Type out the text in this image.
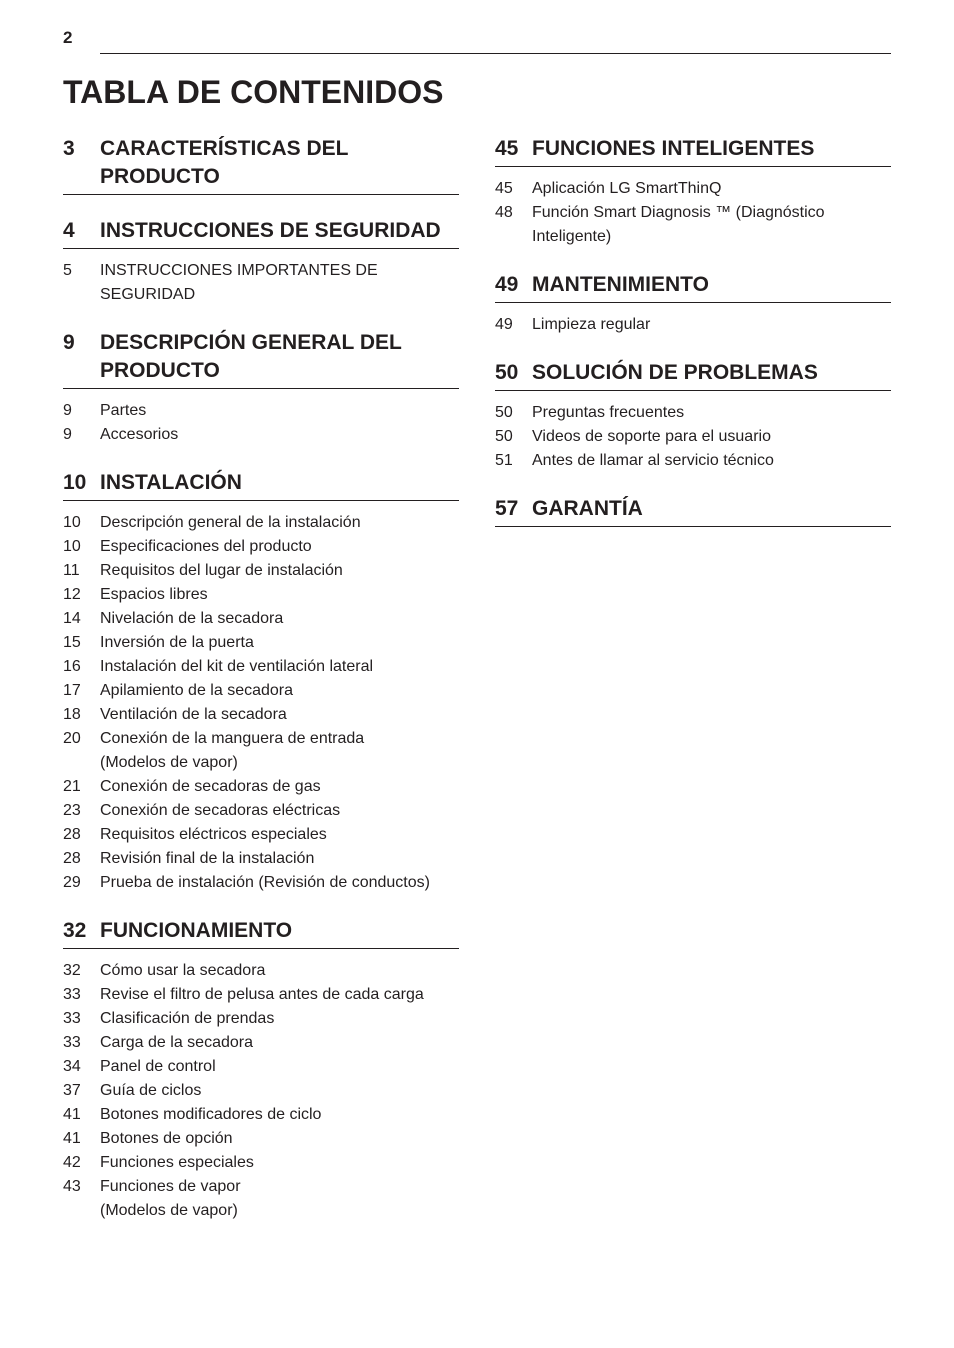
2
TABLA DE CONTENIDOS
3	CARACTERÍSTICAS DEL
PRODUCTO
4	INSTRUCCIONES DE SEGURIDAD
5	INSTRUCCIONES IMPORTANTES DE
SEGURIDAD
9	DESCRIPCIÓN GENERAL DEL
PRODUCTO
9	Partes
9	Accesorios
10 INSTALACIÓN
10	Descripción general de la instalación
10	Especificaciones del producto
11	Requisitos del lugar de instalación
12	Espacios libres
14	Nivelación de la secadora
15	Inversión de la puerta
16	Instalación del kit de ventilación lateral
17	Apilamiento de la secadora
18	Ventilación de la secadora
20	Conexión de la manguera de entrada
(Modelos de vapor)
21	Conexión de secadoras de gas
23	Conexión de secadoras eléctricas
28	Requisitos eléctricos especiales
28	Revisión final de la instalación
29	Prueba de instalación (Revisión de conductos)
32 FUNCIONAMIENTO
32	Cómo usar la secadora
33	Revise el filtro de pelusa antes de cada carga
33	Clasificación de prendas
33	Carga de la secadora
34	Panel de control
37	Guía de ciclos
41	Botones modificadores de ciclo
41	Botones de opción
42	Funciones especiales
43	Funciones de vapor
(Modelos de vapor)
45 FUNCIONES INTELIGENTES
45	Aplicación LG SmartThinQ
48	Función Smart Diagnosis ™ (Diagnóstico
Inteligente)
49 MANTENIMIENTO
49	Limpieza regular
50 SOLUCIÓN DE PROBLEMAS
50	Preguntas frecuentes
50	Videos de soporte para el usuario
51	Antes de llamar al servicio técnico
57 GARANTÍA
